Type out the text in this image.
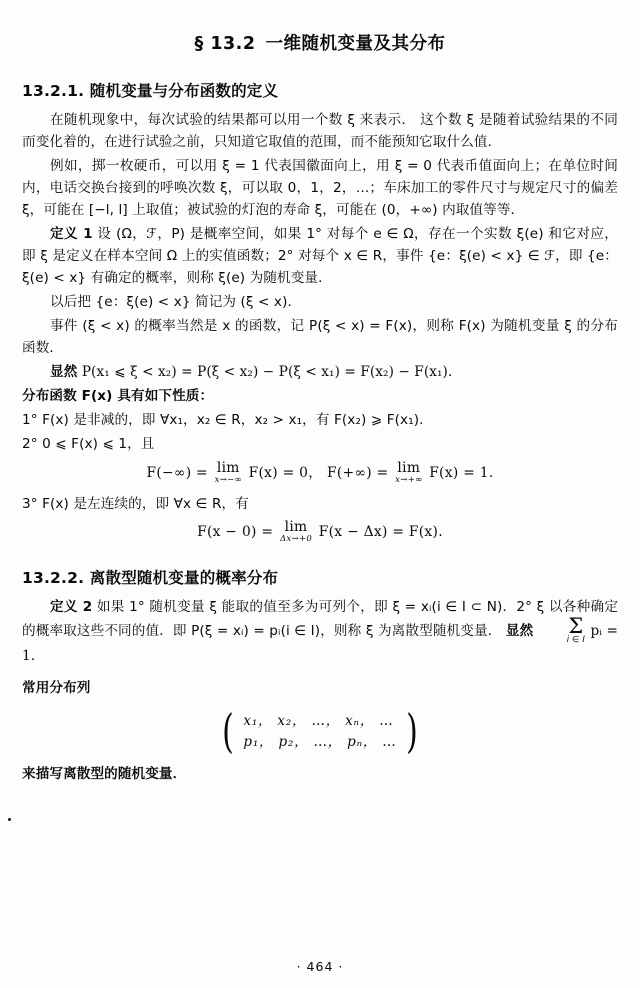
§ 13.2 一维随机变量及其分布
13.2.1. 随机变量与分布函数的定义

在随机现象中，每次试验的结果都可以用一个数 ξ 来表示． 这个数 ξ 是随着试验结果的不同而变化着的，在进行试验之前，只知道它取值的范围，而不能预知它取什么值．

例如，掷一枚硬币，可以用 ξ = 1 代表国徽面向上，用 ξ = 0 代表币值面向上；在单位时间内，电话交换台接到的呼唤次数 ξ，可以取 0，1，2，…；车床加工的零件尺寸与规定尺寸的偏差 ξ，可能在 [−l, l] 上取值；被试验的灯泡的寿命 ξ，可能在 (0，+∞) 内取值等等．

定义 1 设 (Ω，ℱ，P) 是概率空间，如果 1° 对每个 e ∈ Ω，存在一个实数 ξ(e) 和它对应，即 ξ 是定义在样本空间 Ω 上的实值函数；2° 对每个 x ∈ R，事件 {e：ξ(e) < x} ∈ ℱ，即 {e：ξ(e) < x} 有确定的概率，则称 ξ(e) 为随机变量．

以后把 {e：ξ(e) < x} 简记为 (ξ < x)．

事件 (ξ < x) 的概率当然是 x 的函数，记 P(ξ < x) = F(x)，则称 F(x) 为随机变量 ξ 的分布函数．

显然 P(x₁ ⩽ ξ < x₂) = P(ξ < x₂) − P(ξ < x₁) = F(x₂) − F(x₁).

分布函数 F(x) 具有如下性质：

1° F(x) 是非减的，即 ∀x₁，x₂ ∈ R，x₂ > x₁，有 F(x₂) ⩾ F(x₁).

2° 0 ⩽ F(x) ⩽ 1，且

F(−∞) = lim
x→−∞ F(x) = 0， F(+∞) = lim
x→+∞ F(x) = 1.

3° F(x) 是左连续的，即 ∀x ∈ R，有

F(x − 0) = lim
Δx→+0 F(x − Δx) = F(x).
13.2.2. 离散型随机变量的概率分布

定义 2 如果 1° 随机变量 ξ 能取的值至多为可列个，即 ξ = xᵢ(i ∈ I ⊂ N)．2° ξ 以各种确定的概率取这些不同的值．即 P(ξ = xᵢ) = pᵢ(i ∈ I)，则称 ξ 为离散型随机变量． 显然	Σ
i ∈ I
pᵢ = 1.

常用分布列

( x₁， x₂， …， xₙ， …
p₁， p₂， …， pₙ， … )

来描写离散型的随机变量．

· 464 ·
